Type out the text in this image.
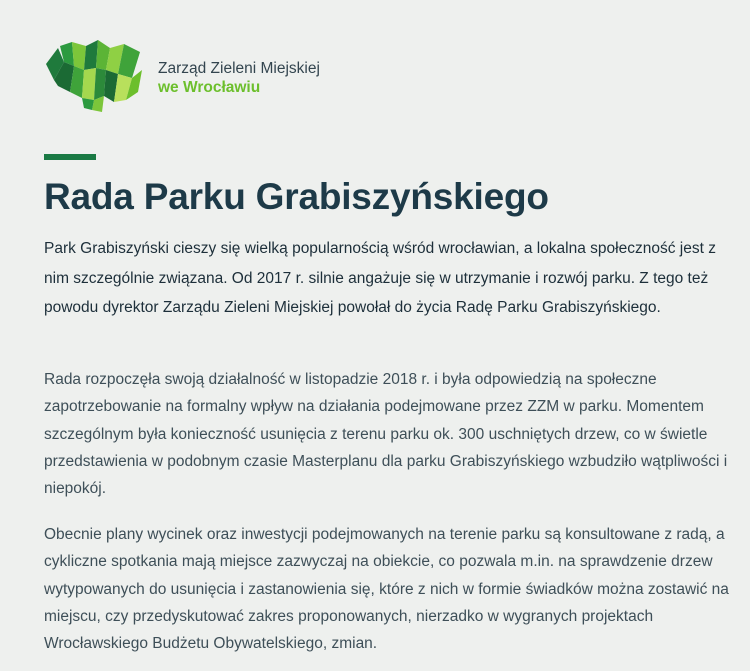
Zarząd Zieleni Miejskiej
we Wrocławiu
Rada Parku Grabiszyńskiego

Park Grabiszyński cieszy się wielką popularnością wśród wrocławian, a lokalna społeczność jest z nim szczególnie związana. Od 2017 r. silnie angażuje się w utrzymanie i rozwój parku. Z tego też powodu dyrektor Zarządu Zieleni Miejskiej powołał do życia Radę Parku Grabiszyńskiego.

Rada rozpoczęła swoją działalność w listopadzie 2018 r. i była odpowiedzią na społeczne zapotrzebowanie na formalny wpływ na działania podejmowane przez ZZM w parku. Momentem szczególnym była konieczność usunięcia z terenu parku ok. 300 uschniętych drzew, co w świetle przedstawienia w podobnym czasie Masterplanu dla parku Grabiszyńskiego wzbudziło wątpliwości i niepokój.

Obecnie plany wycinek oraz inwestycji podejmowanych na terenie parku są konsultowane z radą, a cykliczne spotkania mają miejsce zazwyczaj na obiekcie, co pozwala m.in. na sprawdzenie drzew wytypowanych do usunięcia i zastanowienia się, które z nich w formie świadków można zostawić na miejscu, czy przedyskutować zakres proponowanych, nierzadko w wygranych projektach Wrocławskiego Budżetu Obywatelskiego, zmian.
